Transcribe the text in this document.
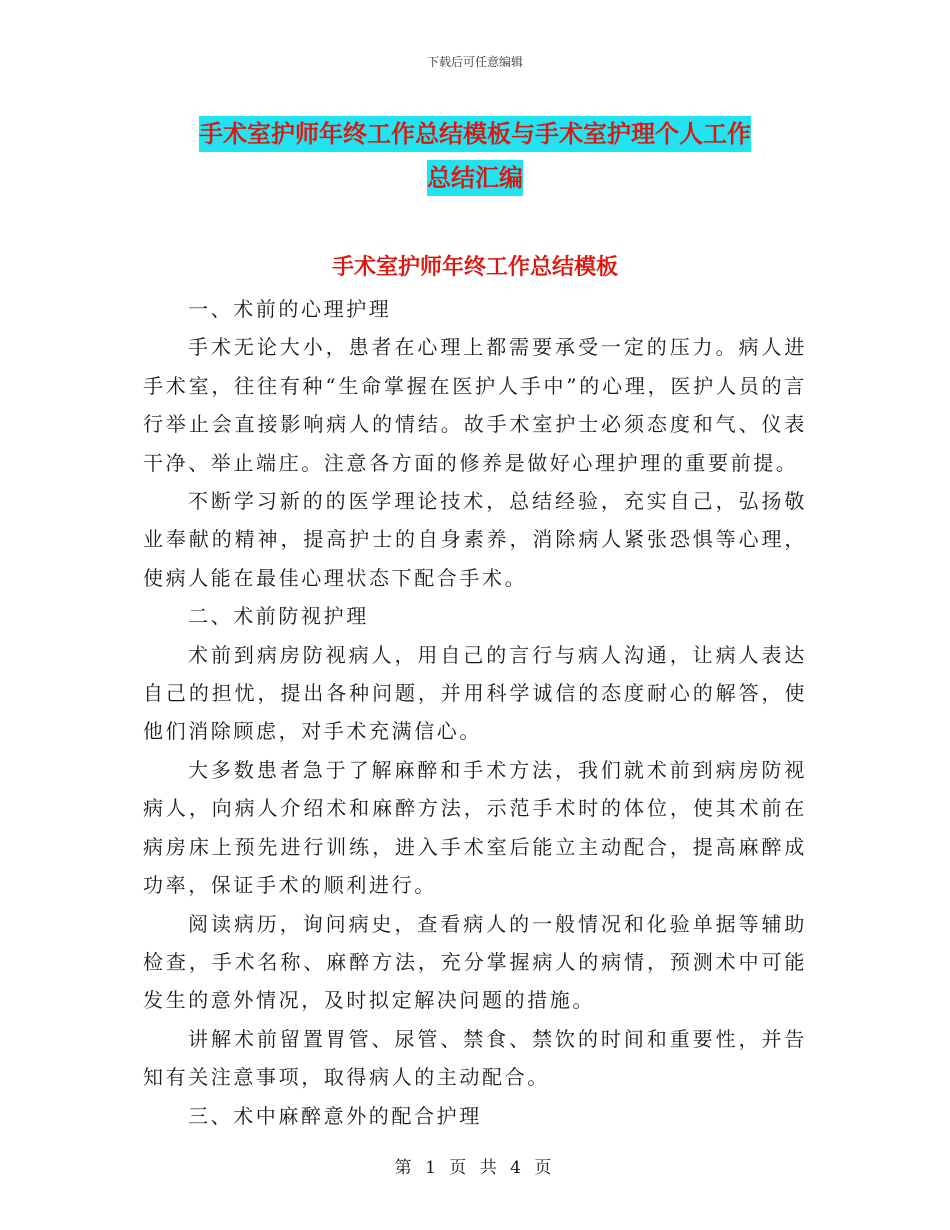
下载后可任意编辑
手术室护师年终工作总结模板与手术室护理个人工作
总结汇编
手术室护师年终工作总结模板

一、术前的心理护理

手术无论大小，患者在心理上都需要承受一定的压力。病人进手术室，往往有种“生命掌握在医护人手中”的心理，医护人员的言行举止会直接影响病人的情结。故手术室护士必须态度和气、仪表干净、举止端庄。注意各方面的修养是做好心理护理的重要前提。

不断学习新的的医学理论技术，总结经验，充实自己，弘扬敬业奉献的精神，提高护士的自身素养，消除病人紧张恐惧等心理，使病人能在最佳心理状态下配合手术。

二、术前防视护理

术前到病房防视病人，用自己的言行与病人沟通，让病人表达自己的担忧，提出各种问题，并用科学诚信的态度耐心的解答，使他们消除顾虑，对手术充满信心。

大多数患者急于了解麻醉和手术方法，我们就术前到病房防视病人，向病人介绍术和麻醉方法，示范手术时的体位，使其术前在病房床上预先进行训练，进入手术室后能立主动配合，提高麻醉成功率，保证手术的顺利进行。

阅读病历，询问病史，查看病人的一般情况和化验单据等辅助检查，手术名称、麻醉方法，充分掌握病人的病情，预测术中可能发生的意外情况，及时拟定解决问题的措施。

讲解术前留置胃管、尿管、禁食、禁饮的时间和重要性，并告知有关注意事项，取得病人的主动配合。

三、术中麻醉意外的配合护理

第 1 页 共 4 页
